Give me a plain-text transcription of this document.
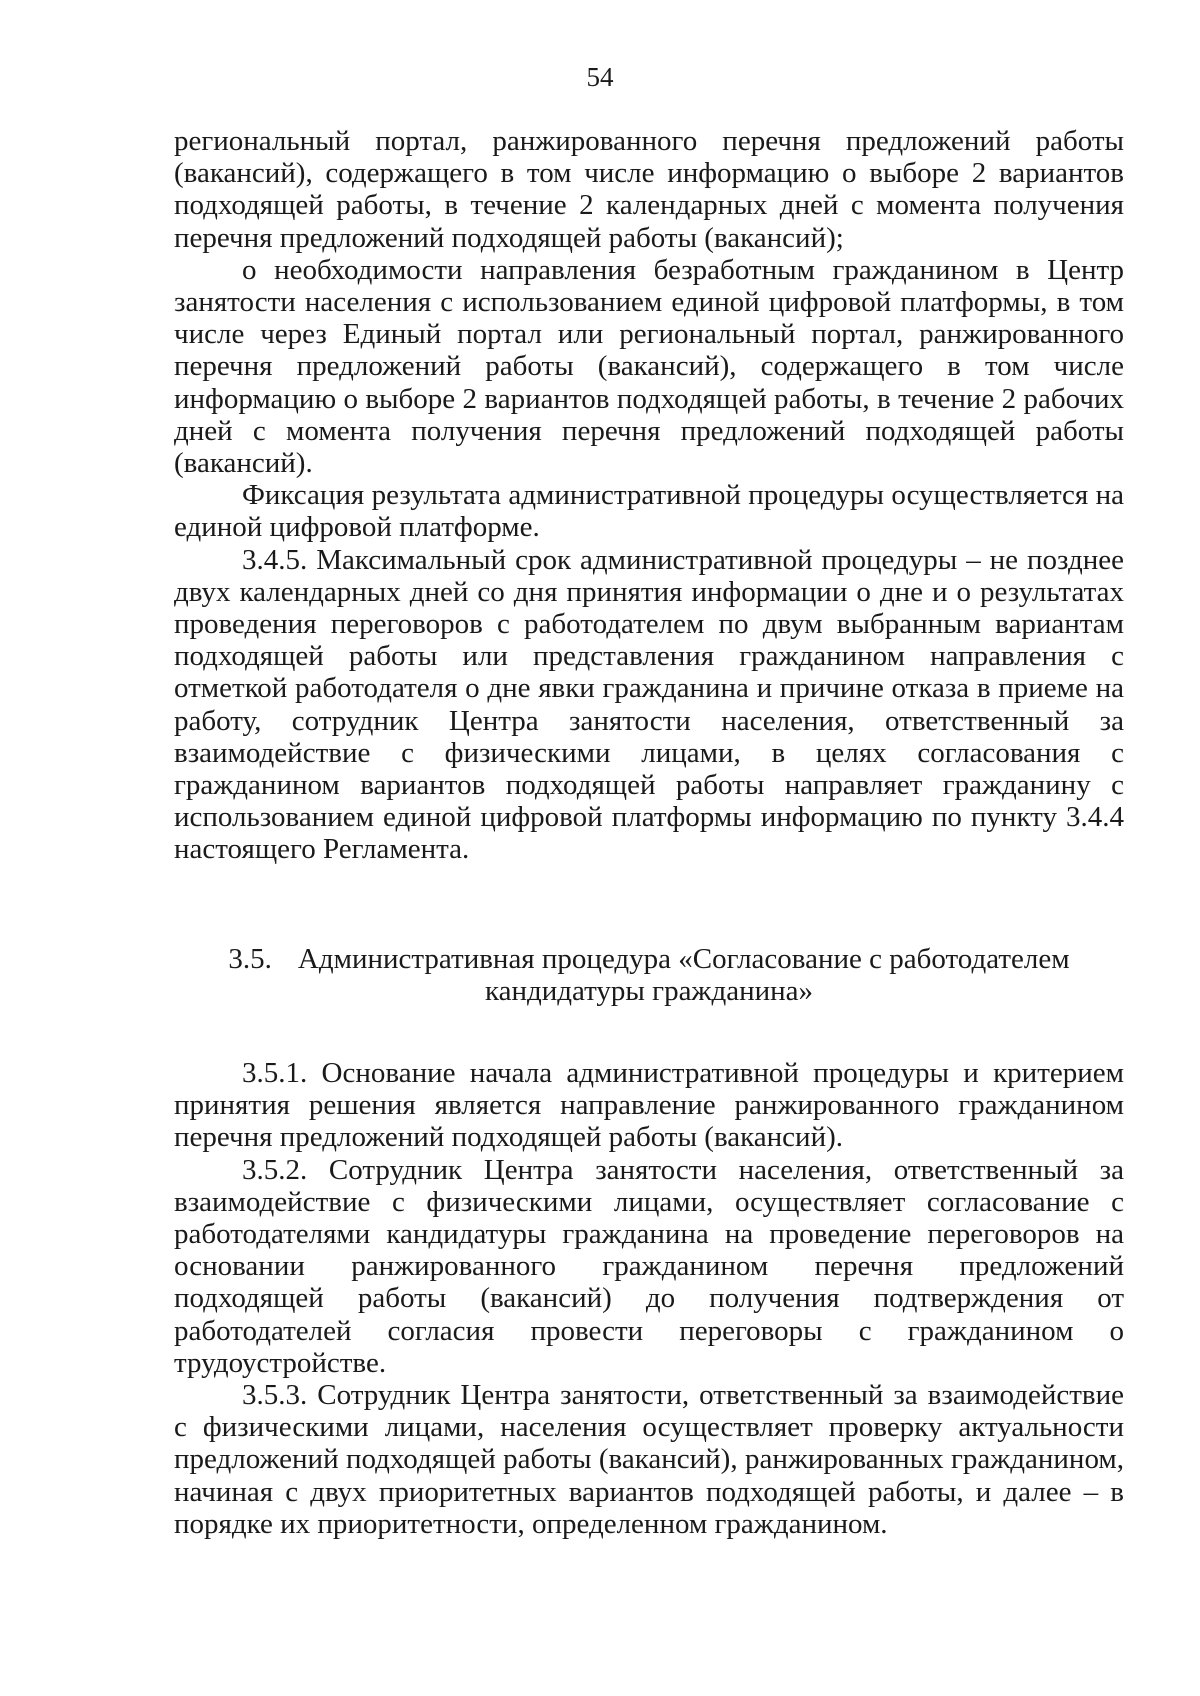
54

региональный портал, ранжированного перечня предложений работы (вакансий), содержащего в том числе информацию о выборе 2 вариантов подходящей работы, в течение 2 календарных дней с момента получения перечня предложений подходящей работы (вакансий);

о необходимости направления безработным гражданином в Центр занятости населения с использованием единой цифровой платформы, в том числе через Единый портал или региональный портал, ранжированного перечня предложений работы (вакансий), содержащего в том числе информацию о выборе 2 вариантов подходящей работы, в течение 2 рабочих дней с момента получения перечня предложений подходящей работы (вакансий).

Фиксация результата административной процедуры осуществляется на единой цифровой платформе.

3.4.5. Максимальный срок административной процедуры – не позднее двух календарных дней со дня принятия информации о дне и о результатах проведения переговоров с работодателем по двум выбранным вариантам подходящей работы или представления гражданином направления с отметкой работодателя о дне явки гражданина и причине отказа в приеме на работу, сотрудник Центра занятости населения, ответственный за взаимодействие с физическими лицами, в целях согласования с гражданином вариантов подходящей работы направляет гражданину с использованием единой цифровой платформы информацию по пункту 3.4.4 настоящего Регламента.

3.5. Административная процедура «Согласование с работодателем
кандидатуры гражданина»

3.5.1. Основание начала административной процедуры и критерием принятия решения является направление ранжированного гражданином перечня предложений подходящей работы (вакансий).

3.5.2. Сотрудник Центра занятости населения, ответственный за взаимодействие с физическими лицами, осуществляет согласование с работодателями кандидатуры гражданина на проведение переговоров на основании ранжированного гражданином перечня предложений подходящей работы (вакансий) до получения подтверждения от работодателей согласия провести переговоры с гражданином о трудоустройстве.

3.5.3. Сотрудник Центра занятости, ответственный за взаимодействие с физическими лицами, населения осуществляет проверку актуальности предложений подходящей работы (вакансий), ранжированных гражданином, начиная с двух приоритетных вариантов подходящей работы, и далее – в порядке их приоритетности, определенном гражданином.
